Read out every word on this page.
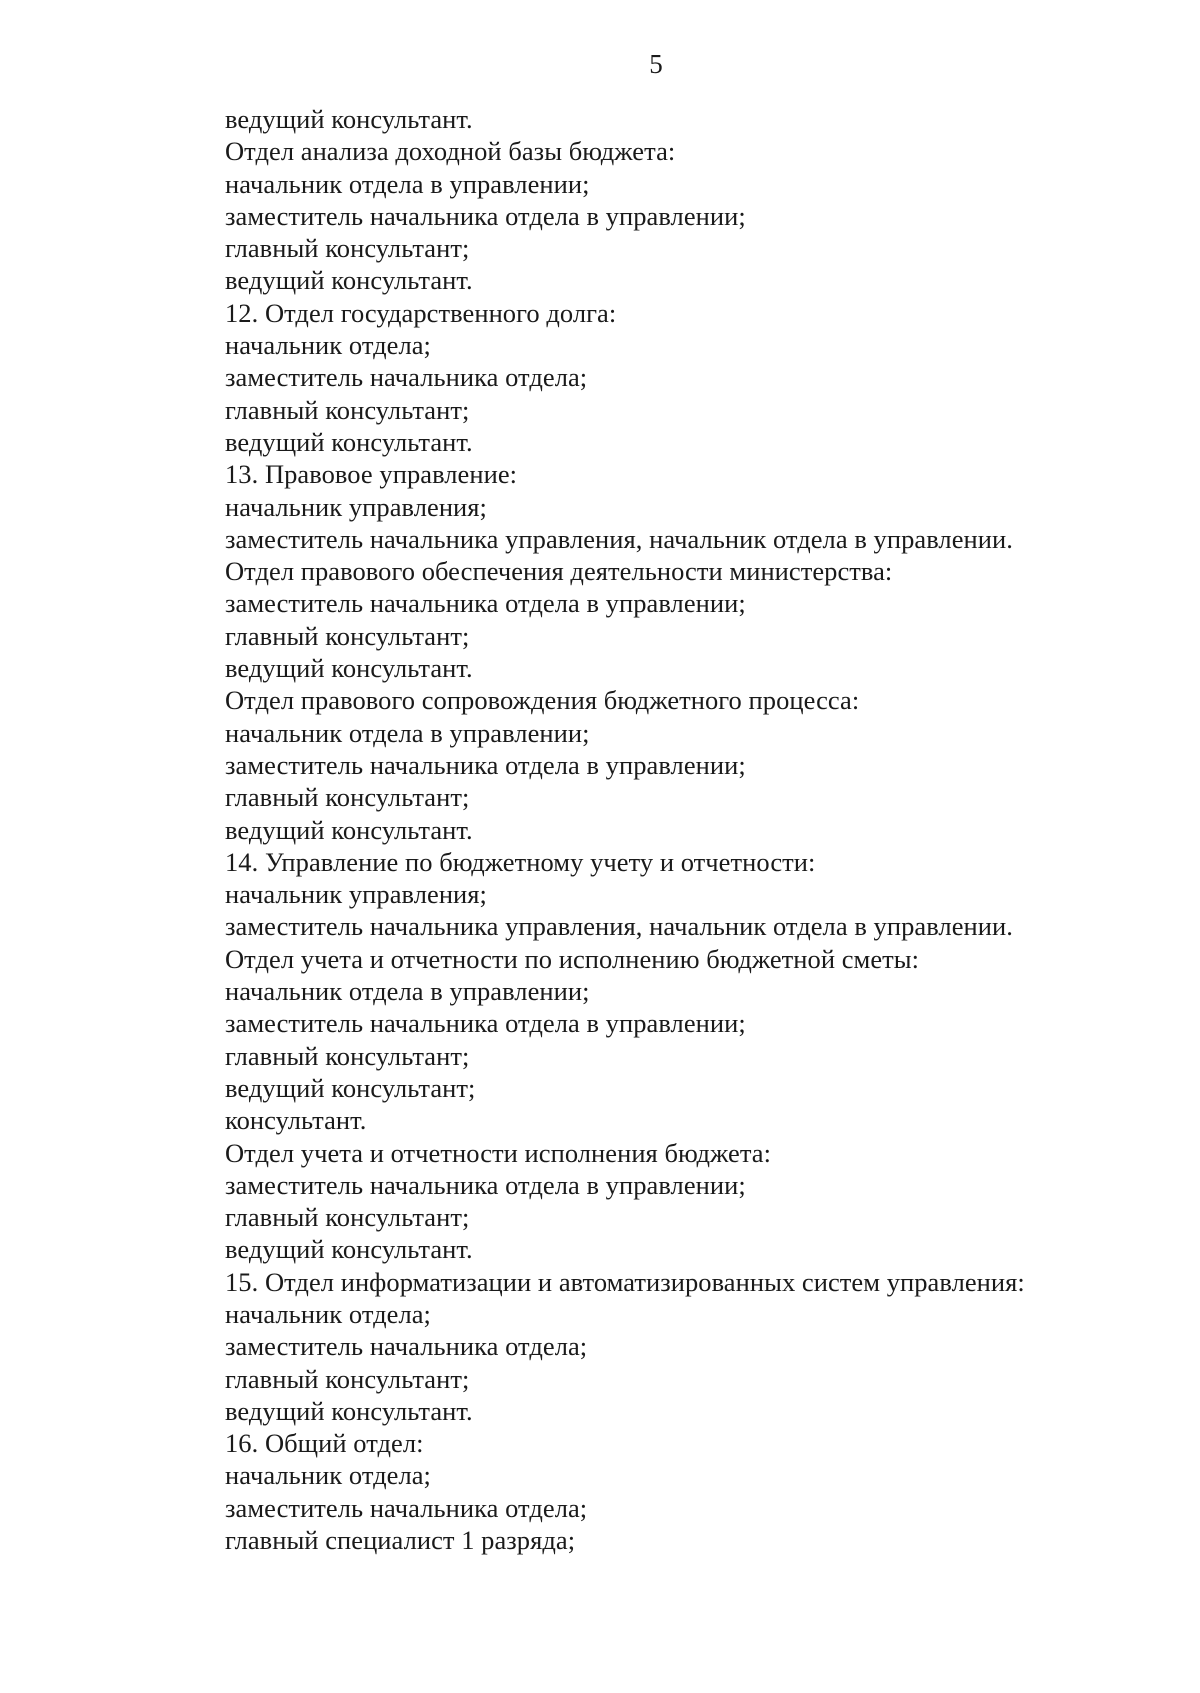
5
ведущий консультант.
Отдел анализа доходной базы бюджета:
начальник отдела в управлении;
заместитель начальника отдела в управлении;
главный консультант;
ведущий консультант.
12. Отдел государственного долга:
начальник отдела;
заместитель начальника отдела;
главный консультант;
ведущий консультант.
13. Правовое управление:
начальник управления;
заместитель начальника управления, начальник отдела в управлении.
Отдел правового обеспечения деятельности министерства:
заместитель начальника отдела в управлении;
главный консультант;
ведущий консультант.
Отдел правового сопровождения бюджетного процесса:
начальник отдела в управлении;
заместитель начальника отдела в управлении;
главный консультант;
ведущий консультант.
14. Управление по бюджетному учету и отчетности:
начальник управления;
заместитель начальника управления, начальник отдела в управлении.
Отдел учета и отчетности по исполнению бюджетной сметы:
начальник отдела в управлении;
заместитель начальника отдела в управлении;
главный консультант;
ведущий консультант;
консультант.
Отдел учета и отчетности исполнения бюджета:
заместитель начальника отдела в управлении;
главный консультант;
ведущий консультант.
15. Отдел информатизации и автоматизированных систем управления:
начальник отдела;
заместитель начальника отдела;
главный консультант;
ведущий консультант.
16. Общий отдел:
начальник отдела;
заместитель начальника отдела;
главный специалист 1 разряда;
